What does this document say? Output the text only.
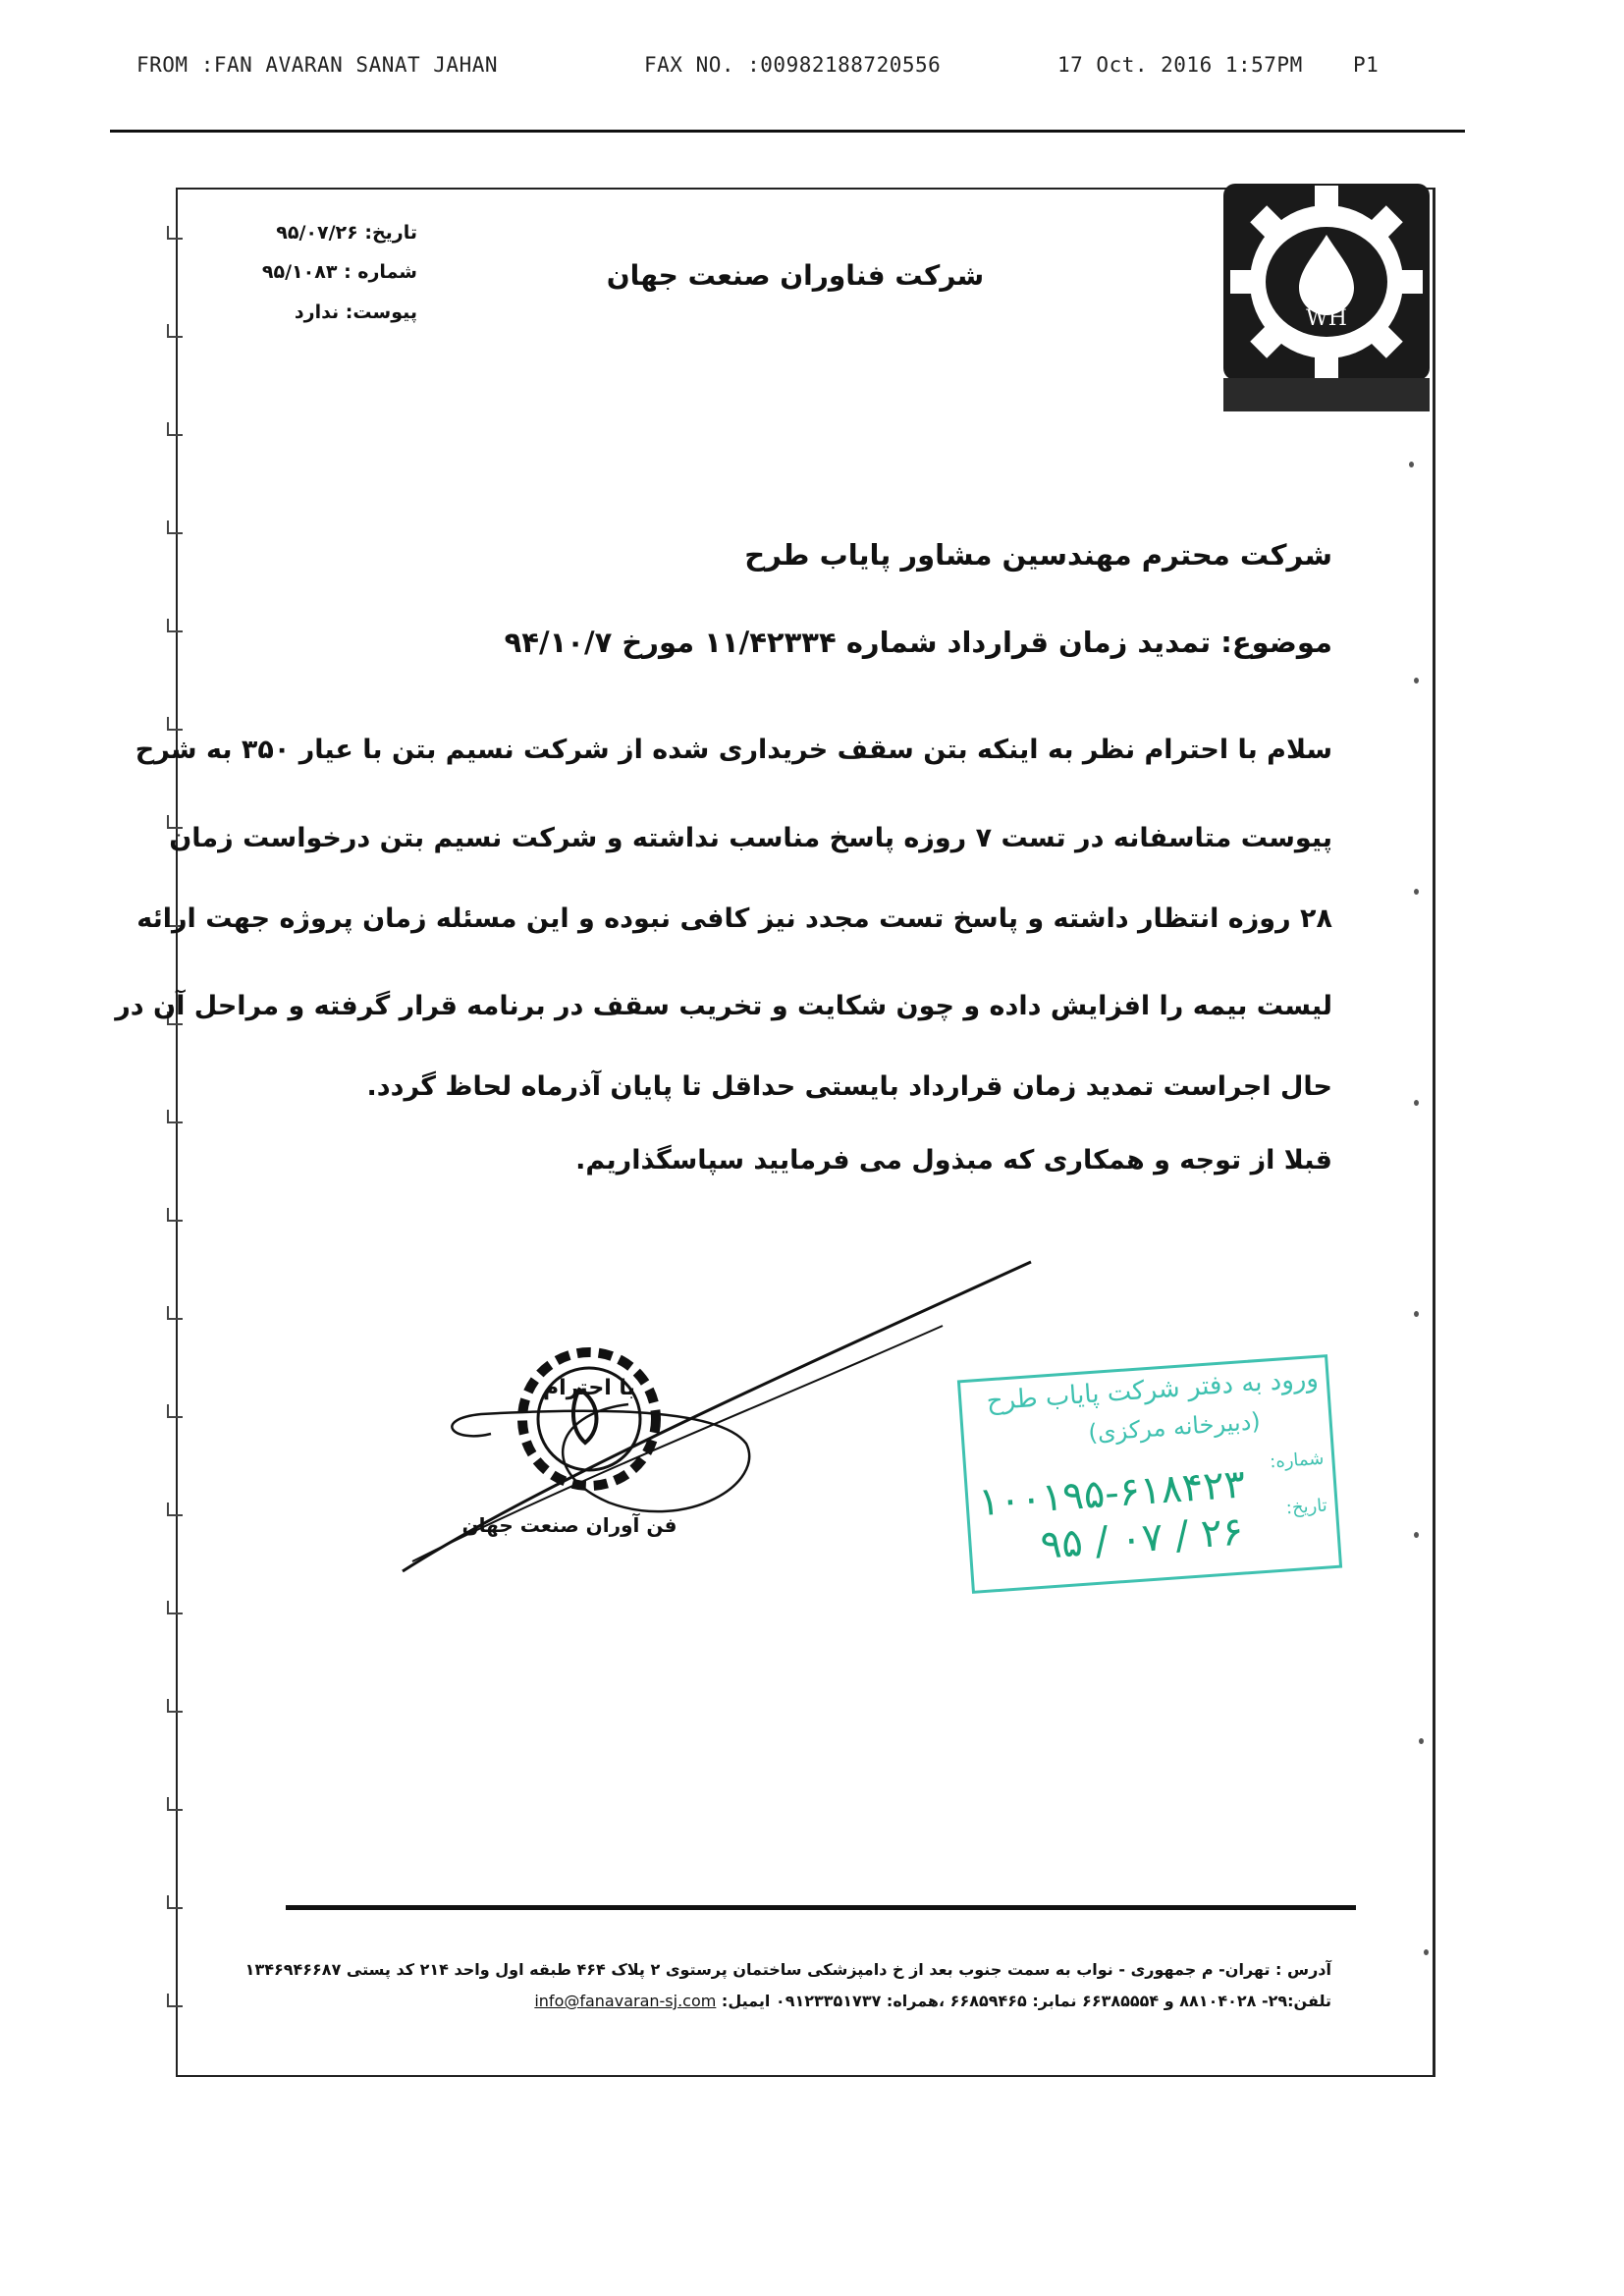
FROM :FAN AVARAN SANAT JAHAN	FAX NO. :00982188720556	17 Oct. 2016 1:57PM P1
WH
تاریخ: ۹۵/۰۷/۲۶
شماره : ۹۵/۱۰۸۳
پیوست: ندارد
شرکت فناوران صنعت جهان
شرکت محترم مهندسین مشاور پایاب طرح
موضوع: تمدید زمان قرارداد شماره ۱۱/۴۲۳۳۴ مورخ ۹۴/۱۰/۷
سلام با احترام نظر به اینکه بتن سقف خریداری شده از شرکت نسیم بتن با عیار ۳۵۰ به شرح
پیوست متاسفانه در تست ۷ روزه پاسخ مناسب نداشته و شرکت نسیم بتن درخواست زمان
۲۸ روزه انتظار داشته و پاسخ تست مجدد نیز کافی نبوده و این مسئله زمان پروژه جهت ارائه
لیست بیمه را افزایش داده و چون شکایت و تخریب سقف در برنامه قرار گرفته و مراحل آن در
حال اجراست تمدید زمان قرارداد بایستی حداقل تا پایان آذرماه لحاظ گردد.
قبلا از توجه و همکاری که مبذول می فرمایید سپاسگذاریم.
با احترام
فن آوران صنعت جهان
ورود به دفتر شرکت پایاب طرح
(دبیرخانه مرکزی)
شماره:
۱۰۰۱۹۵-۶۱۸۴۲۳ تاریخ:
۹۵ / ۰۷ / ۲۶
آدرس : تهران- م جمهوری - نواب به سمت جنوب بعد از خ دامپزشکی ساختمان پرستوی ۲ پلاک ۴۶۴ طبقه اول واحد ۲۱۴ کد پستی ۱۳۴۶۹۴۶۶۸۷
تلفن:۲۹- ۸۸۱۰۴۰۲۸ و ۶۶۳۸۵۵۵۴ نمابر: ۶۶۸۵۹۴۶۵ ،همراه: ۰۹۱۲۳۳۵۱۷۳۷ ایمیل: info@fanavaran-sj.com
